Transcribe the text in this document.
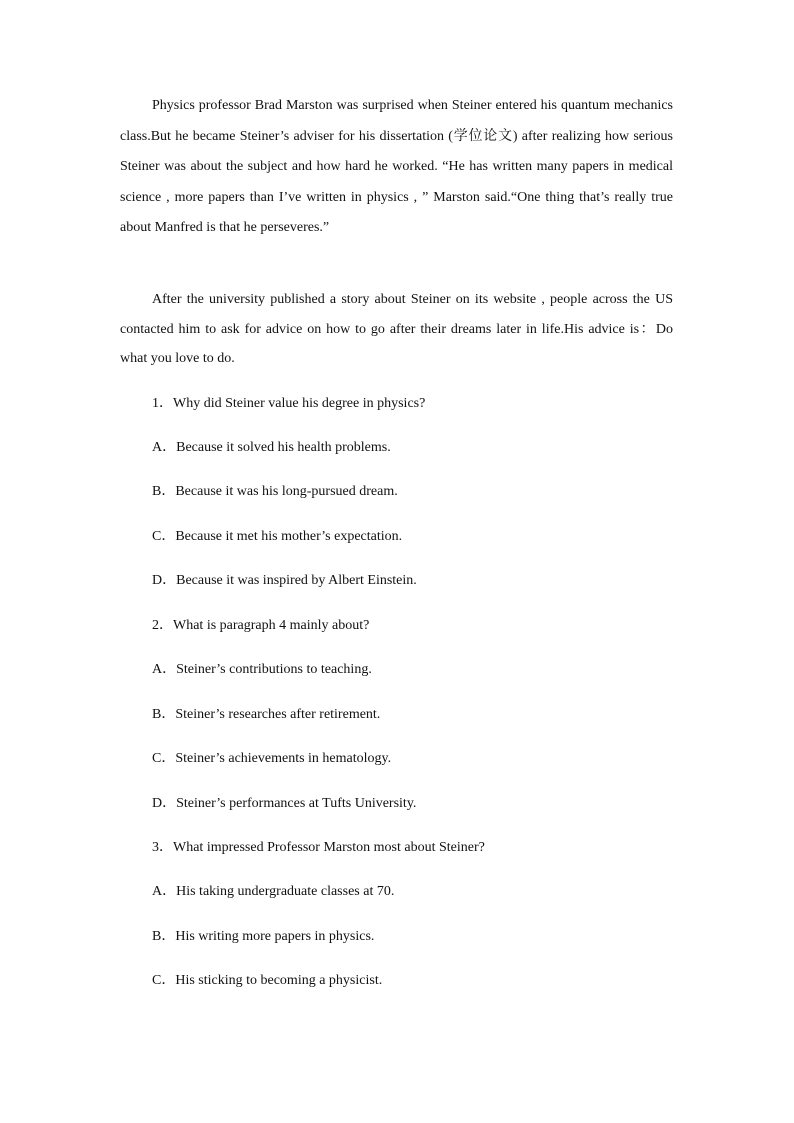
Physics professor Brad Marston was surprised when Steiner entered his quantum mechanics class.But he became Steiner’s adviser for his dissertation (学位论文) after realizing how serious Steiner was about the subject and how hard he worked. “He has written many papers in medical science , more papers than I’ve written in physics , ” Marston said.“One thing that’s really true about Manfred is that he perseveres.”

After the university published a story about Steiner on its website , people across the US contacted him to ask for advice on how to go after their dreams later in life.His advice is：Do what you love to do.

1．Why did Steiner value his degree in physics?

A．Because it solved his health problems.

B．Because it was his long-pursued dream.

C．Because it met his mother’s expectation.

D．Because it was inspired by Albert Einstein.

2．What is paragraph 4 mainly about?

A．Steiner’s contributions to teaching.

B．Steiner’s researches after retirement.

C．Steiner’s achievements in hematology.

D．Steiner’s performances at Tufts University.

3．What impressed Professor Marston most about Steiner?

A．His taking undergraduate classes at 70.

B．His writing more papers in physics.

C．His sticking to becoming a physicist.
